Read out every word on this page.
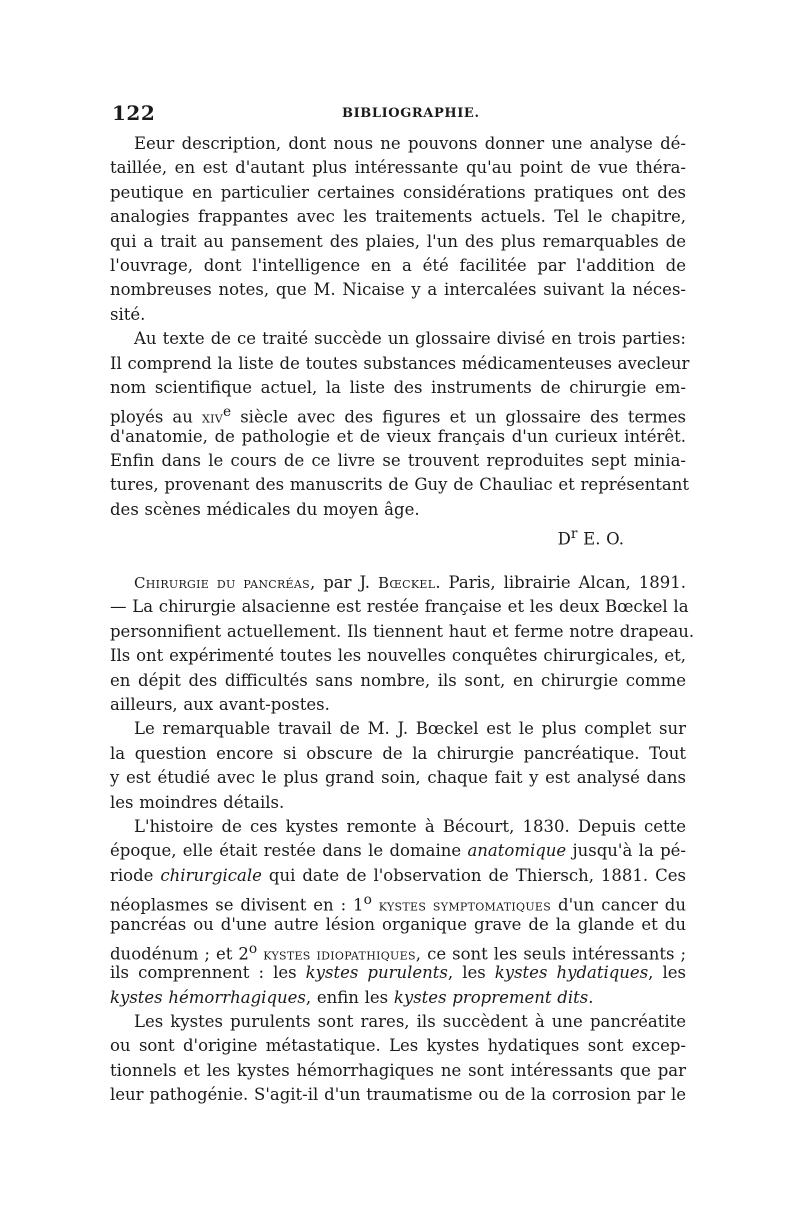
122	BIBLIOGRAPHIE.
Eeur description, dont nous ne pouvons donner une analyse dé-
taillée, en est d'autant plus intéressante qu'au point de vue théra-
peutique en particulier certaines considérations pratiques ont des
analogies frappantes avec les traitements actuels. Tel le chapitre,
qui a trait au pansement des plaies, l'un des plus remarquables de
l'ouvrage, dont l'intelligence en a été facilitée par l'addition de
nombreuses notes, que M. Nicaise y a intercalées suivant la néces-
sité.
Au texte de ce traité succède un glossaire divisé en trois parties:
Il comprend la liste de toutes substances médicamenteuses avecleur
nom scientifique actuel, la liste des instruments de chirurgie em-
ployés au xiv$^e$ siècle avec des figures et un glossaire des termes
d'anatomie, de pathologie et de vieux français d'un curieux intérêt.
Enfin dans le cours de ce livre se trouvent reproduites sept minia-
tures, provenant des manuscrits de Guy de Chauliac et représentant
des scènes médicales du moyen âge.
$D^r$ E. O.
Chirurgie du pancréas, par J. Bœckel. Paris, librairie Alcan, 1891.
— La chirurgie alsacienne est restée française et les deux Bœckel la
personnifient actuellement. Ils tiennent haut et ferme notre drapeau.
Ils ont expérimenté toutes les nouvelles conquêtes chirurgicales, et,
en dépit des difficultés sans nombre, ils sont, en chirurgie comme
ailleurs, aux avant-postes.
Le remarquable travail de M. J. Bœckel est le plus complet sur
la question encore si obscure de la chirurgie pancréatique. Tout
y est étudié avec le plus grand soin, chaque fait y est analysé dans
les moindres détails.
L'histoire de ces kystes remonte à Bécourt, 1830. Depuis cette
époque, elle était restée dans le domaine anatomique jusqu'à la pé-
riode chirurgicale qui date de l'observation de Thiersch, 1881. Ces
néoplasmes se divisent en : 1$^o$ kystes symptomatiques d'un cancer du
pancréas ou d'une autre lésion organique grave de la glande et du
duodénum ; et 2$^o$ kystes idiopathiques, ce sont les seuls intéressants ;
ils comprennent : les kystes purulents, les kystes hydatiques, les
kystes hémorrhagiques, enfin les kystes proprement dits.
Les kystes purulents sont rares, ils succèdent à une pancréatite
ou sont d'origine métastatique. Les kystes hydatiques sont excep-
tionnels et les kystes hémorrhagiques ne sont intéressants que par
leur pathogénie. S'agit-il d'un traumatisme ou de la corrosion par le
